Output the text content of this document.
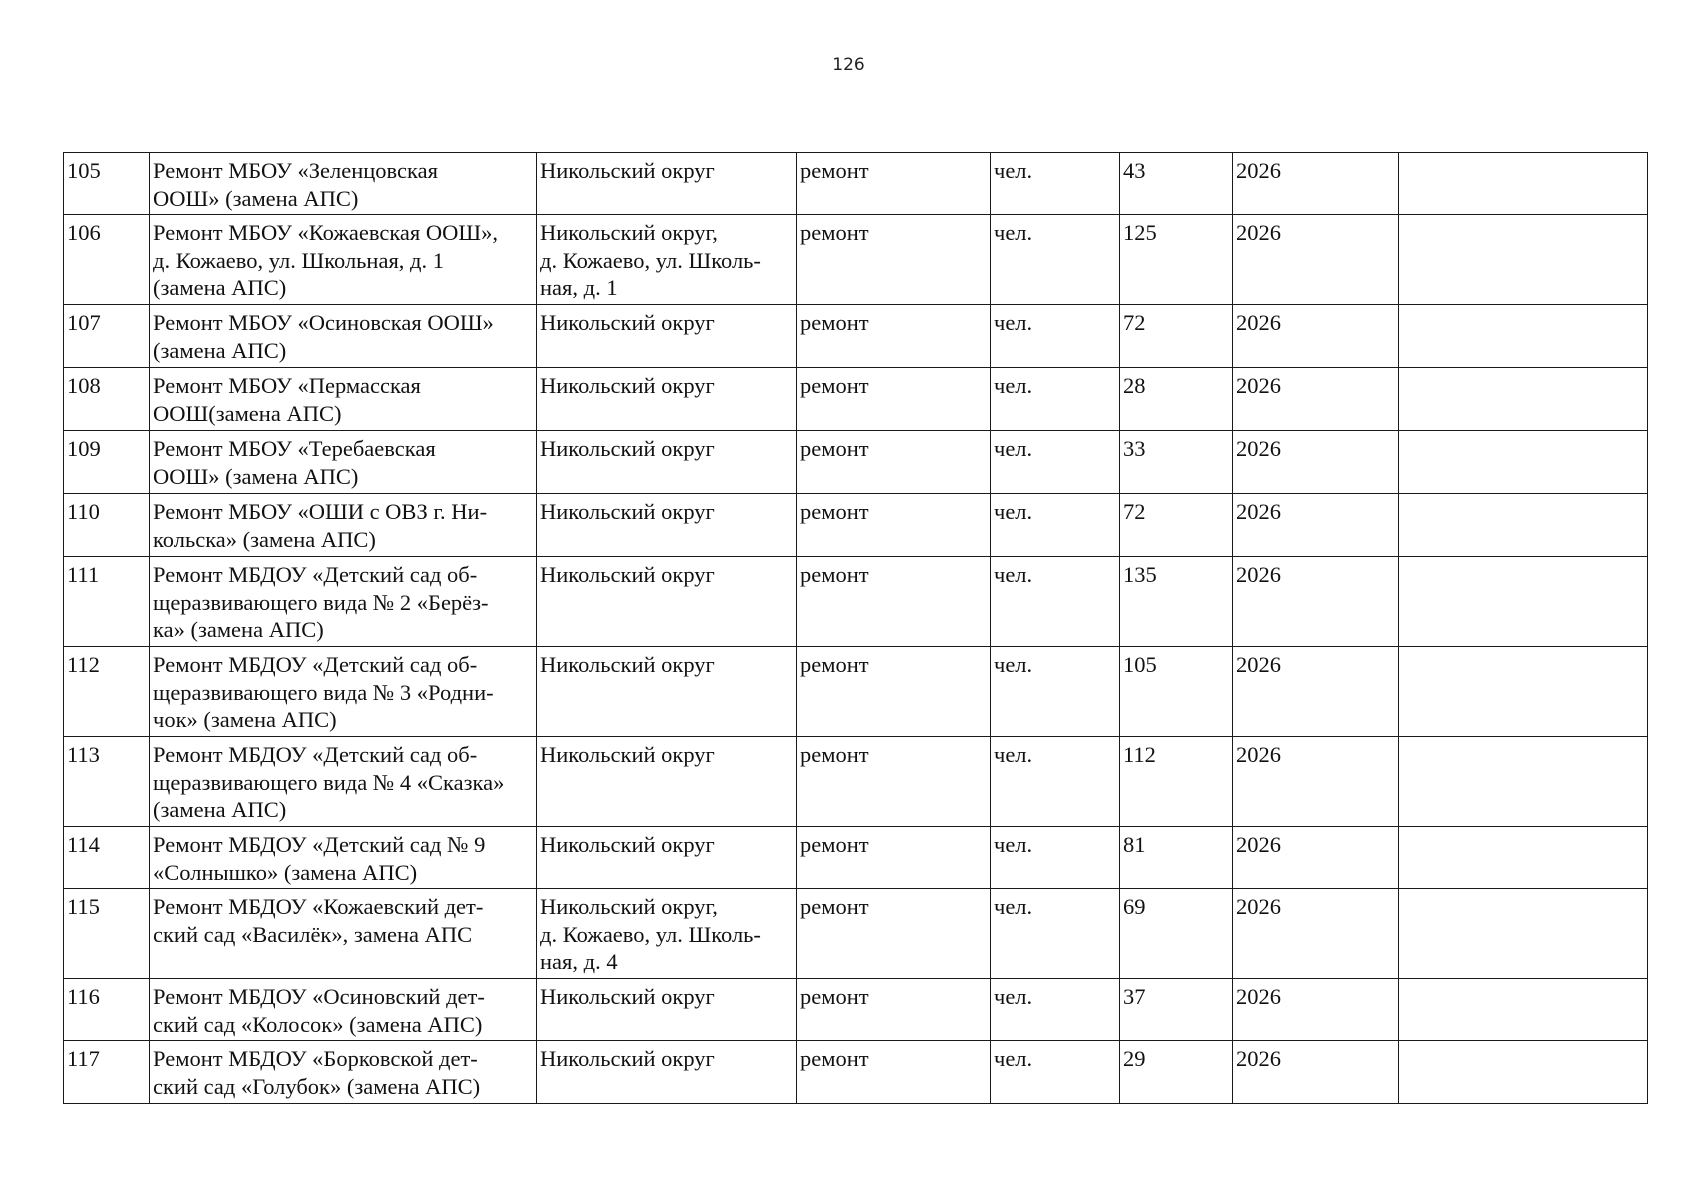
126
105	Ремонт МБОУ «Зеленцовская
ООШ» (замена АПС)	Никольский округ	ремонт	чел.	43	2026	
106	Ремонт МБОУ «Кожаевская ООШ»,
д. Кожаево, ул. Школьная, д. 1
(замена АПС)	Никольский округ,
д. Кожаево, ул. Школь-
ная, д. 1	ремонт	чел.	125	2026	
107	Ремонт МБОУ «Осиновская ООШ»
(замена АПС)	Никольский округ	ремонт	чел.	72	2026	
108	Ремонт МБОУ «Пермасская
ООШ(замена АПС)	Никольский округ	ремонт	чел.	28	2026	
109	Ремонт МБОУ «Теребаевская
ООШ» (замена АПС)	Никольский округ	ремонт	чел.	33	2026	
110	Ремонт МБОУ «ОШИ с ОВЗ г. Ни-
кольска» (замена АПС)	Никольский округ	ремонт	чел.	72	2026	
111	Ремонт МБДОУ «Детский сад об-
щеразвивающего вида № 2 «Берёз-
ка» (замена АПС)	Никольский округ	ремонт	чел.	135	2026	
112	Ремонт МБДОУ «Детский сад об-
щеразвивающего вида № 3 «Родни-
чок» (замена АПС)	Никольский округ	ремонт	чел.	105	2026	
113	Ремонт МБДОУ «Детский сад об-
щеразвивающего вида № 4 «Сказка»
(замена АПС)	Никольский округ	ремонт	чел.	112	2026	
114	Ремонт МБДОУ «Детский сад № 9
«Солнышко» (замена АПС)	Никольский округ	ремонт	чел.	81	2026	
115	Ремонт МБДОУ «Кожаевский дет-
ский сад «Василёк», замена АПС	Никольский округ,
д. Кожаево, ул. Школь-
ная, д. 4	ремонт	чел.	69	2026	
116	Ремонт МБДОУ «Осиновский дет-
ский сад «Колосок» (замена АПС)	Никольский округ	ремонт	чел.	37	2026	
117	Ремонт МБДОУ «Борковской дет-
ский сад «Голубок» (замена АПС)	Никольский округ	ремонт	чел.	29	2026	
